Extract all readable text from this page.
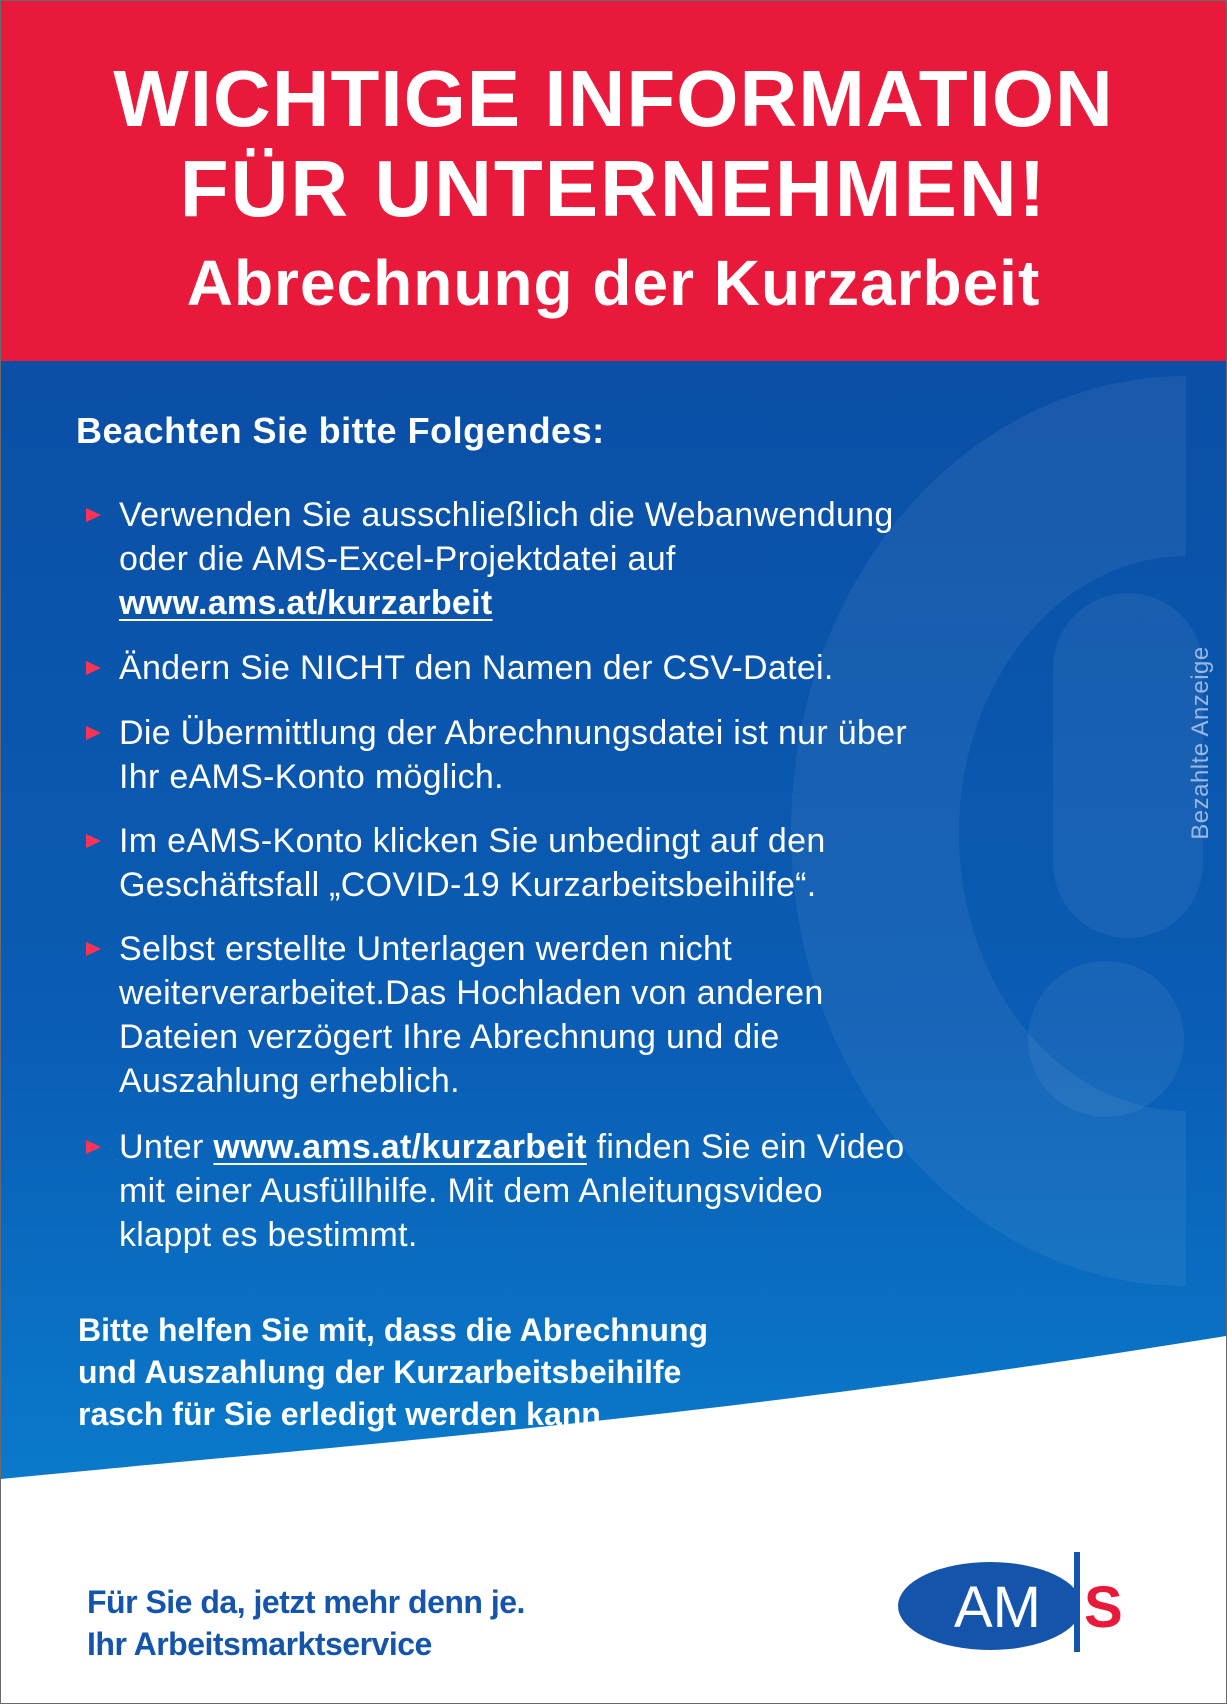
WICHTIGE INFORMATION
FÜR UNTERNEHMEN!
Abrechnung der Kurzarbeit

Beachten Sie bitte Folgendes:

Verwenden Sie ausschließlich die Webanwendung
oder die AMS-Excel-Projektdatei auf
www.ams.at/kurzarbeit
Ändern Sie NICHT den Namen der CSV-Datei.
Die Übermittlung der Abrechnungsdatei ist nur über
Ihr eAMS-Konto möglich.
Im eAMS-Konto klicken Sie unbedingt auf den
Geschäftsfall „COVID-19 Kurzarbeitsbeihilfe“.
Selbst erstellte Unterlagen werden nicht
weiterverarbeitet.Das Hochladen von anderen
Dateien verzögert Ihre Abrechnung und die
Auszahlung erheblich.
Unter www.ams.at/kurzarbeit finden Sie ein Video
mit einer Ausfüllhilfe. Mit dem Anleitungsvideo
klappt es bestimmt.

Bitte helfen Sie mit, dass die Abrechnung
und Auszahlung der Kurzarbeitsbeihilfe
rasch für Sie erledigt werden kann.

Bezahlte Anzeige

Für Sie da, jetzt mehr denn je.
Ihr Arbeitsmarktservice

AM S
